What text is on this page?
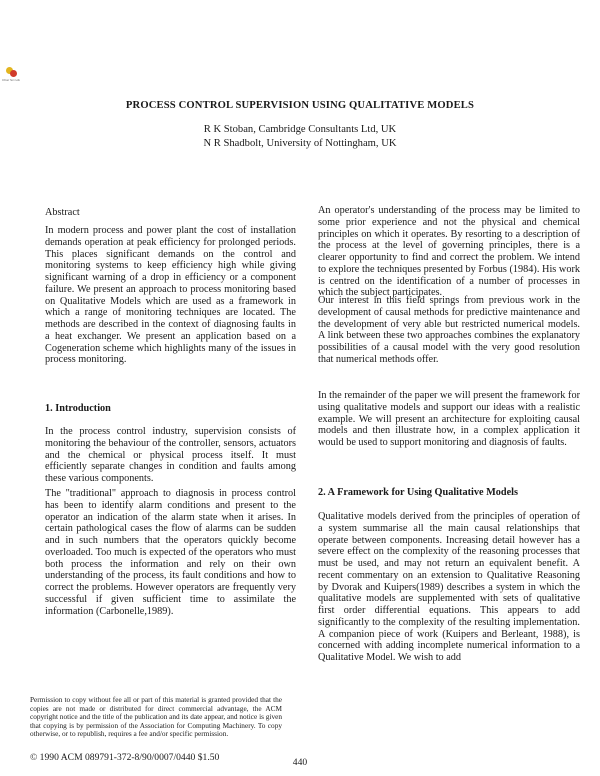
Char Sci Lib
PROCESS CONTROL SUPERVISION USING QUALITATIVE MODELS
R K Stoban, Cambridge Consultants Ltd, UK
N R Shadbolt, University of Nottingham, UK
Abstract

In modern process and power plant the cost of installation demands operation at peak efficiency for prolonged periods. This places significant demands on the control and monitoring systems to keep efficiency high while giving significant warning of a drop in efficiency or a component failure. We present an approach to process monitoring based on Qualitative Models which are used as a framework in which a range of monitoring techniques are located. The methods are described in the context of diagnosing faults in a heat exchanger. We present an application based on a Cogeneration scheme which highlights many of the issues in process monitoring.

1. Introduction

In the process control industry, supervision consists of monitoring the behaviour of the controller, sensors, actuators and the chemical or physical process itself. It must efficiently separate changes in condition and faults among these various components.

The "traditional" approach to diagnosis in process control has been to identify alarm conditions and present to the operator an indication of the alarm state when it arises. In certain pathological cases the flow of alarms can be sudden and in such numbers that the operators quickly become overloaded. Too much is expected of the operators who must both process the information and rely on their own understanding of the process, its fault conditions and how to correct the problems. However operators are frequently very successful if given sufficient time to assimilate the information (Carbonelle,1989).

An operator's understanding of the process may be limited to some prior experience and not the physical and chemical principles on which it operates. By resorting to a description of the process at the level of governing principles, there is a clearer opportunity to find and correct the problem. We intend to explore the techniques presented by Forbus (1984). His work is centred on the identification of a number of processes in which the subject participates.

Our interest in this field springs from previous work in the development of causal methods for predictive maintenance and the development of very able but restricted numerical models. A link between these two approaches combines the explanatory possibilities of a causal model with the very good resolution that numerical methods offer.

In the remainder of the paper we will present the framework for using qualitative models and support our ideas with a realistic example. We will present an architecture for exploiting causal models and then illustrate how, in a complex application it would be used to support monitoring and diagnosis of faults.

2. A Framework for Using Qualitative Models

Qualitative models derived from the principles of operation of a system summarise all the main causal relationships that operate between components. Increasing detail however has a severe effect on the complexity of the reasoning processes that must be used, and may not return an equivalent benefit. A recent commentary on an extension to Qualitative Reasoning by Dvorak and Kuipers(1989) describes a system in which the qualitative models are supplemented with sets of qualitative first order differential equations. This appears to add significantly to the complexity of the resulting implementation. A companion piece of work (Kuipers and Berleant, 1988), is concerned with adding incomplete numerical information to a Qualitative Model. We wish to add

Permission to copy without fee all or part of this material is granted provided that the copies are not made or distributed for direct commercial advantage, the ACM copyright notice and the title of the publication and its date appear, and notice is given that copying is by permission of the Association for Computing Machinery. To copy otherwise, or to republish, requires a fee and/or specific permission.

© 1990 ACM 089791-372-8/90/0007/0440 $1.50	440
